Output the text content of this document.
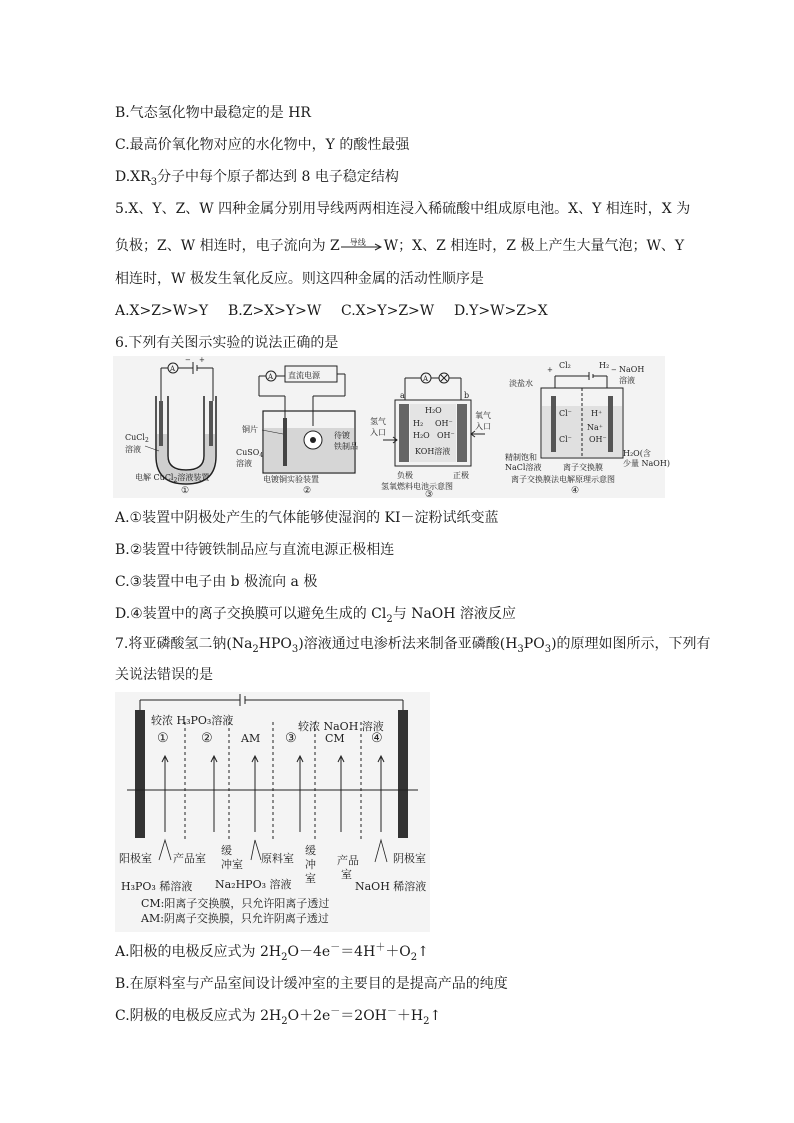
B.气态氢化物中最稳定的是 HR
C.最高价氧化物对应的水化物中，Y 的酸性最强
$D.XR_3$分子中每个原子都达到 8 电子稳定结构
5.X、Y、Z、W 四种金属分别用导线两两相连浸入稀硫酸中组成原电池。X、Y 相连时，X 为
负极；Z、W 相连时，电子流向为 Z 导线 W；X、Z 相连时，Z 极上产生大量气泡；W、Y
相连时，W 极发生氧化反应。则这四种金属的活动性顺序是
A.X>Z>W>Y B.Z>X>Y>W C.X>Y>Z>W D.Y>W>Z>X
6.下列有关图示实验的说法正确的是
A
− +
CuCl$_2$
溶液
电解 CuCl$_2$溶液装置
①
A 直流电源
铜片
待镀
铁制品
CuSO$_4$
溶液
电镀铜实验装置
②
A
a	b
H₂O
H₂ OH⁻
H₂O OH⁻
KOH溶液
氢气
入口
氧气
入口
负极	正极
氢氧燃料电池示意图
③
+	−
Cl₂	H₂ NaOH
溶液
淡盐水
Cl⁻ H⁺
Na⁺
Cl⁻ OH⁻
精制饱和
NaCl溶液	离子交换膜
H₂O(含
少量 NaOH)
离子交换膜法电解原理示意图
④
A.①装置中阴极处产生的气体能够使湿润的 KI－淀粉试纸变蓝
B.②装置中待镀铁制品应与直流电源正极相连
C.③装置中电子由 b 极流向 a 极
D.④装置中的离子交换膜可以避免生成的 $Cl_2$与 NaOH 溶液反应
7.将亚磷酸氢二钠$(Na_2HPO_3)$溶液通过电渗析法来制备亚磷酸$(H_3PO_3)$的原理如图所示，下列有
关说法错误的是
较浓 H₃PO₃溶液	较浓 NaOH 溶液
① ②	AM ③	CM ④
阳极室 产品室
缓
冲室 原料室
缓
冲
室
产品
室
阴极室
H₃PO₃ 稀溶液 Na₂HPO₃ 溶液	NaOH 稀溶液
CM:阳离子交换膜，只允许阳离子透过
AM:阴离子交换膜，只允许阴离子透过
A.阳极的电极反应式为 $2H_2O-4e^-=4H^++O_2↑$
B.在原料室与产品室间设计缓冲室的主要目的是提高产品的纯度
C.阴极的电极反应式为 $2H_2O+2e^-=2OH^-+H_2↑$
